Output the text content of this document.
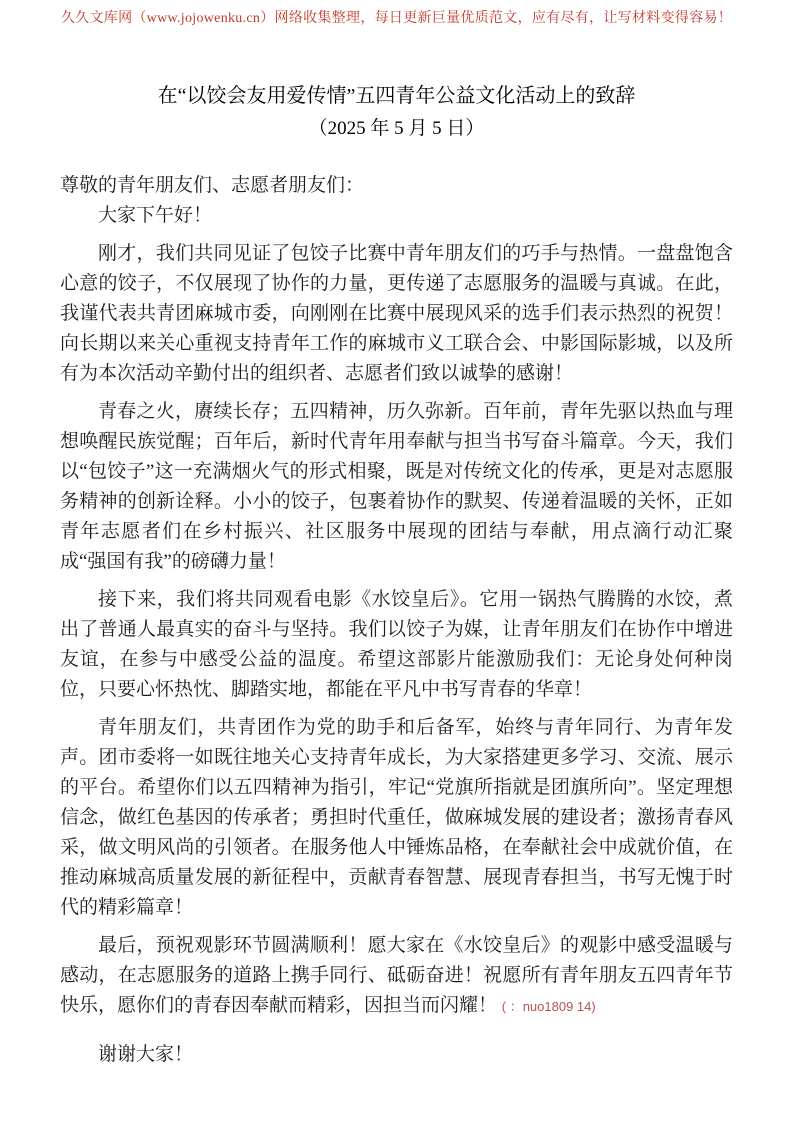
久久文库网（www.jojowenku.cn）网络收集整理，每日更新巨量优质范文，应有尽有，让写材料变得容易！
在“以饺会友用爱传情”五四青年公益文化活动上的致辞
（2025 年 5 月 5 日）
尊敬的青年朋友们、志愿者朋友们：
大家下午好！

刚才，我们共同见证了包饺子比赛中青年朋友们的巧手与热情。一盘盘饱含心意的饺子，不仅展现了协作的力量，更传递了志愿服务的温暖与真诚。在此，我谨代表共青团麻城市委，向刚刚在比赛中展现风采的选手们表示热烈的祝贺！向长期以来关心重视支持青年工作的麻城市义工联合会、中影国际影城，以及所有为本次活动辛勤付出的组织者、志愿者们致以诚挚的感谢！

青春之火，赓续长存；五四精神，历久弥新。百年前，青年先驱以热血与理想唤醒民族觉醒；百年后，新时代青年用奉献与担当书写奋斗篇章。今天，我们以“包饺子”这一充满烟火气的形式相聚，既是对传统文化的传承，更是对志愿服务精神的创新诠释。小小的饺子，包裹着协作的默契、传递着温暖的关怀，正如青年志愿者们在乡村振兴、社区服务中展现的团结与奉献，用点滴行动汇聚成“强国有我”的磅礴力量！

接下来，我们将共同观看电影《水饺皇后》。它用一锅热气腾腾的水饺，煮出了普通人最真实的奋斗与坚持。我们以饺子为媒，让青年朋友们在协作中增进友谊，在参与中感受公益的温度。希望这部影片能激励我们：无论身处何种岗位，只要心怀热忱、脚踏实地，都能在平凡中书写青春的华章！

青年朋友们，共青团作为党的助手和后备军，始终与青年同行、为青年发声。团市委将一如既往地关心支持青年成长，为大家搭建更多学习、交流、展示的平台。希望你们以五四精神为指引，牢记“党旗所指就是团旗所向”。坚定理想信念，做红色基因的传承者；勇担时代重任，做麻城发展的建设者；激扬青春风采，做文明风尚的引领者。在服务他人中锤炼品格，在奉献社会中成就价值，在推动麻城高质量发展的新征程中，贡献青春智慧、展现青春担当，书写无愧于时代的精彩篇章！

最后，预祝观影环节圆满顺利！愿大家在《水饺皇后》的观影中感受温暖与感动，在志愿服务的道路上携手同行、砥砺奋进！祝愿所有青年朋友五四青年节快乐，愿你们的青春因奉献而精彩，因担当而闪耀！ ( ：nuo1809 14)

谢谢大家！
